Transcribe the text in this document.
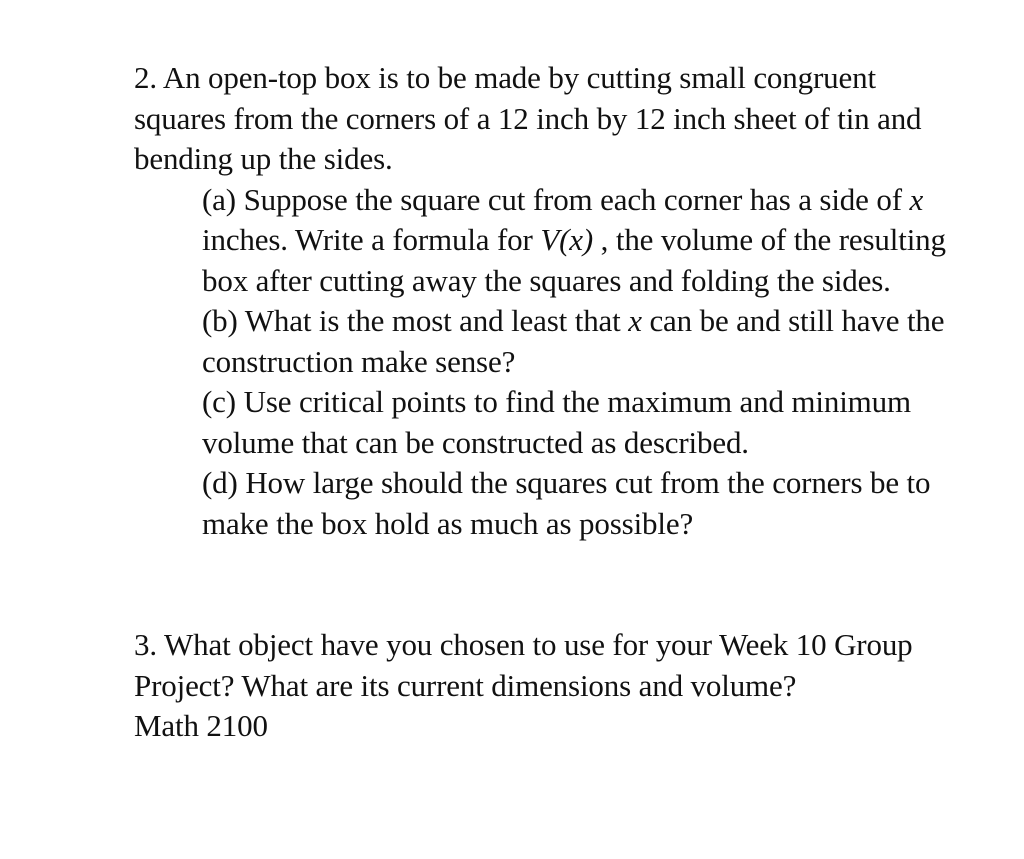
2. An open-top box is to be made by cutting small congruent squares from the corners of a 12 inch by 12 inch sheet of tin and bending up the sides.

(a) Suppose the square cut from each corner has a side of x inches. Write a formula for V(x) , the volume of the resulting box after cutting away the squares and folding the sides.
(b) What is the most and least that x can be and still have the construction make sense?
(c) Use critical points to find the maximum and minimum volume that can be constructed as described.
(d) How large should the squares cut from the corners be to make the box hold as much as possible?

3. What object have you chosen to use for your Week 10 Group Project? What are its current dimensions and volume?

Math 2100
